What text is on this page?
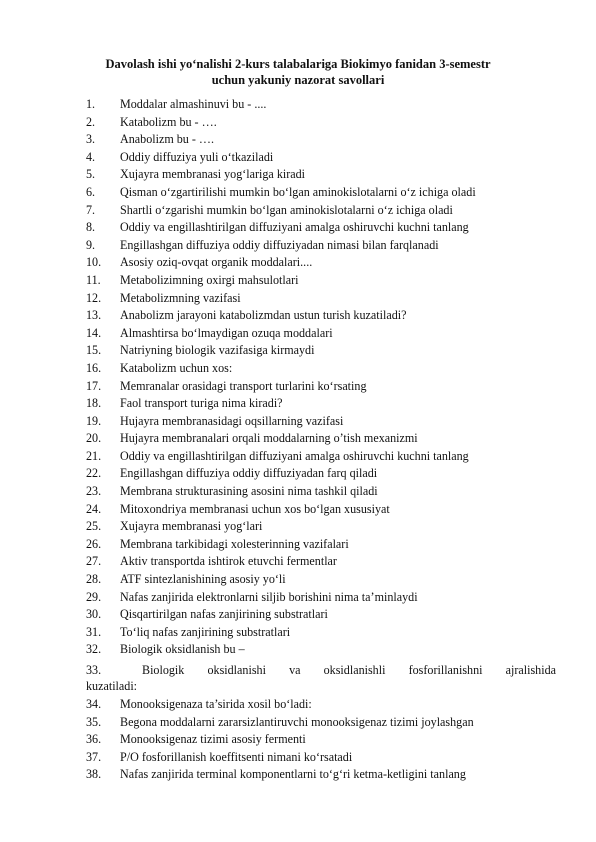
Davolash ishi yo‘nalishi 2-kurs talabalariga Biokimyo fanidan 3-semestr
uchun yakuniy nazorat savollari
1.	Moddalar almashinuvi bu - ....
2.	Katabolizm bu - ….
3.	Anabolizm bu - ….
4.	Oddiy diffuziya yuli o‘tkaziladi
5.	Xujayra membranasi yog‘lariga kiradi
6.	Qisman o‘zgartirilishi mumkin bo‘lgan aminokislotalarni o‘z ichiga oladi
7.	Shartli o‘zgarishi mumkin bo‘lgan aminokislotalarni o‘z ichiga oladi
8.	Oddiy va engillashtirilgan diffuziyani amalga oshiruvchi kuchni tanlang
9.	Engillashgan diffuziya oddiy diffuziyadan nimasi bilan farqlanadi
10.	Asosiy oziq-ovqat organik moddalari....
11.	Metabolizimning oxirgi mahsulotlari
12.	Metabolizmning vazifasi
13.	Anabolizm jarayoni katabolizmdan ustun turish kuzatiladi?
14.	Almashtirsa bo‘lmaydigan ozuqa moddalari
15.	Natriyning biologik vazifasiga kirmaydi
16.	Katabolizm uchun xos:
17.	Memranalar orasidagi transport turlarini ko‘rsating
18.	Faol transport turiga nima kiradi?
19.	Hujayra membranasidagi oqsillarning vazifasi
20.	Hujayra membranalari orqali moddalarning o’tish mexanizmi
21.	Oddiy va engillashtirilgan diffuziyani amalga oshiruvchi kuchni tanlang
22.	Engillashgan diffuziya oddiy diffuziyadan farq qiladi
23.	Membrana strukturasining asosini nima tashkil qiladi
24.	Mitoxondriya membranasi uchun xos bo‘lgan xususiyat
25.	Xujayra membranasi yog‘lari
26.	Membrana tarkibidagi xolesterinning vazifalari
27.	Aktiv transportda ishtirok etuvchi fermentlar
28.	ATF sintezlanishining asosiy yo‘li
29.	Nafas zanjirida elektronlarni siljib borishini nima ta’minlaydi
30.	Qisqartirilgan nafas zanjirining substratlari
31.	To‘liq nafas zanjirining substratlari
32.	Biologik oksidlanish bu –
33.	Biologik oksidlanishi va oksidlanishli fosforillanishni ajralishida kuzatiladi:
34.	Monooksigenaza ta’sirida xosil bo‘ladi:
35.	Begona moddalarni zararsizlantiruvchi monooksigenaz tizimi joylashgan
36.	Monooksigenaz tizimi asosiy fermenti
37.	P/O fosforillanish koeffitsenti nimani ko‘rsatadi
38.	Nafas zanjirida terminal komponentlarni to‘g‘ri ketma-ketligini tanlang
